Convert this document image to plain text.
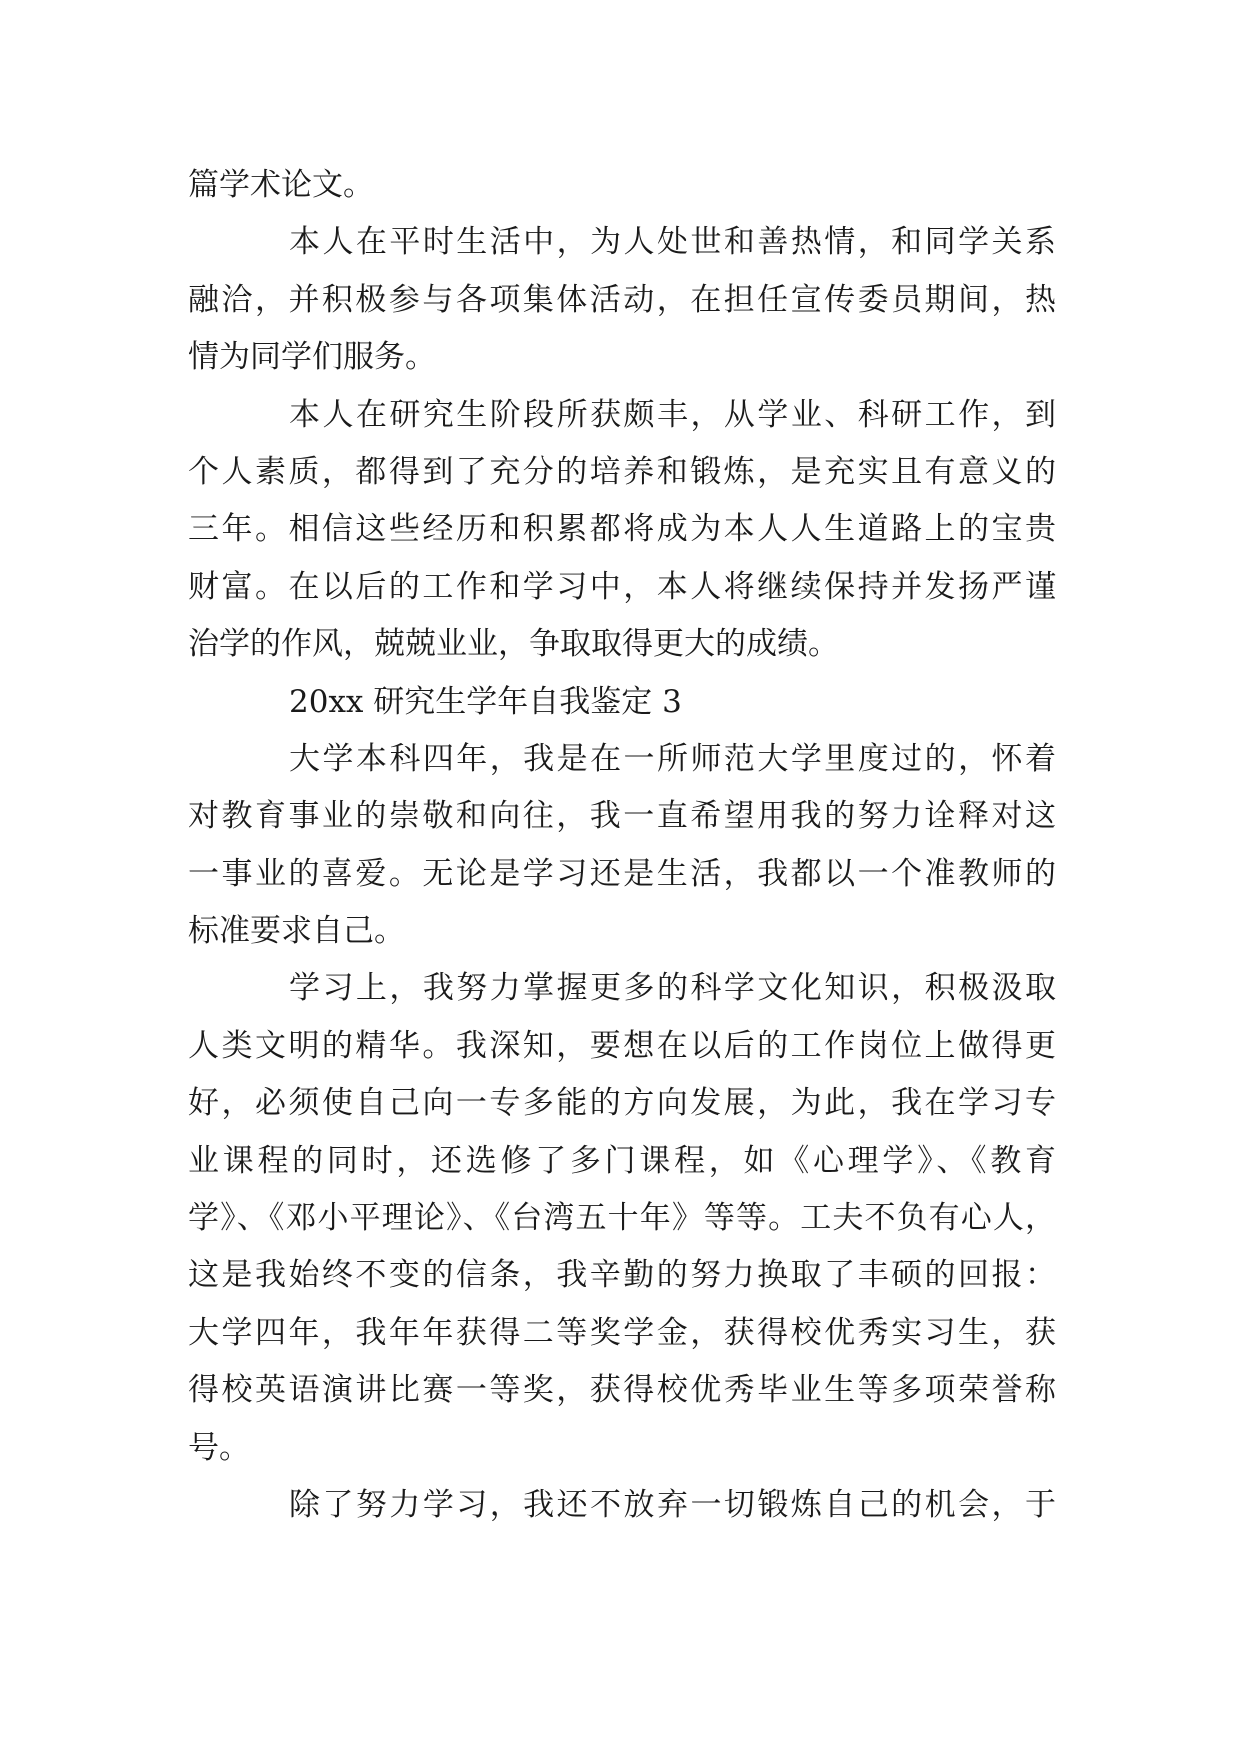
篇学术论文。
本人在平时生活中，为人处世和善热情，和同学关系
融洽，并积极参与各项集体活动，在担任宣传委员期间，热
情为同学们服务。
本人在研究生阶段所获颇丰，从学业、科研工作，到
个人素质，都得到了充分的培养和锻炼，是充实且有意义的
三年。相信这些经历和积累都将成为本人人生道路上的宝贵
财富。在以后的工作和学习中，本人将继续保持并发扬严谨
治学的作风，兢兢业业，争取取得更大的成绩。
20xx 研究生学年自我鉴定 3
大学本科四年，我是在一所师范大学里度过的，怀着
对教育事业的崇敬和向往，我一直希望用我的努力诠释对这
一事业的喜爱。无论是学习还是生活，我都以一个准教师的
标准要求自己。
学习上，我努力掌握更多的科学文化知识，积极汲取
人类文明的精华。我深知，要想在以后的工作岗位上做得更
好，必须使自己向一专多能的方向发展，为此，我在学习专
业课程的同时，还选修了多门课程，如《心理学》、《教育
学》、《邓小平理论》、《台湾五十年》等等。工夫不负有心人，
这是我始终不变的信条，我辛勤的努力换取了丰硕的回报：
大学四年，我年年获得二等奖学金，获得校优秀实习生，获
得校英语演讲比赛一等奖，获得校优秀毕业生等多项荣誉称
号。
除了努力学习，我还不放弃一切锻炼自己的机会，于
